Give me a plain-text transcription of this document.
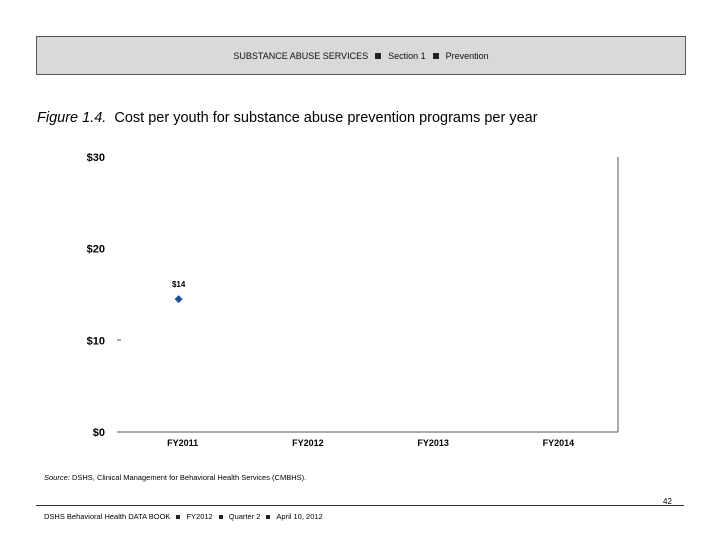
SUBSTANCE ABUSE SERVICES Section 1 Prevention
Figure 1.4. Cost per youth for substance abuse prevention programs per year
$0
$10
$20
$30
FY2011	FY2012	FY2013	FY2014
$14
Source: DSHS, Clinical Management for Behavioral Health Services (CMBHS).
42
DSHS Behavioral Health DATA BOOK FY2012 Quarter 2 April 10, 2012
